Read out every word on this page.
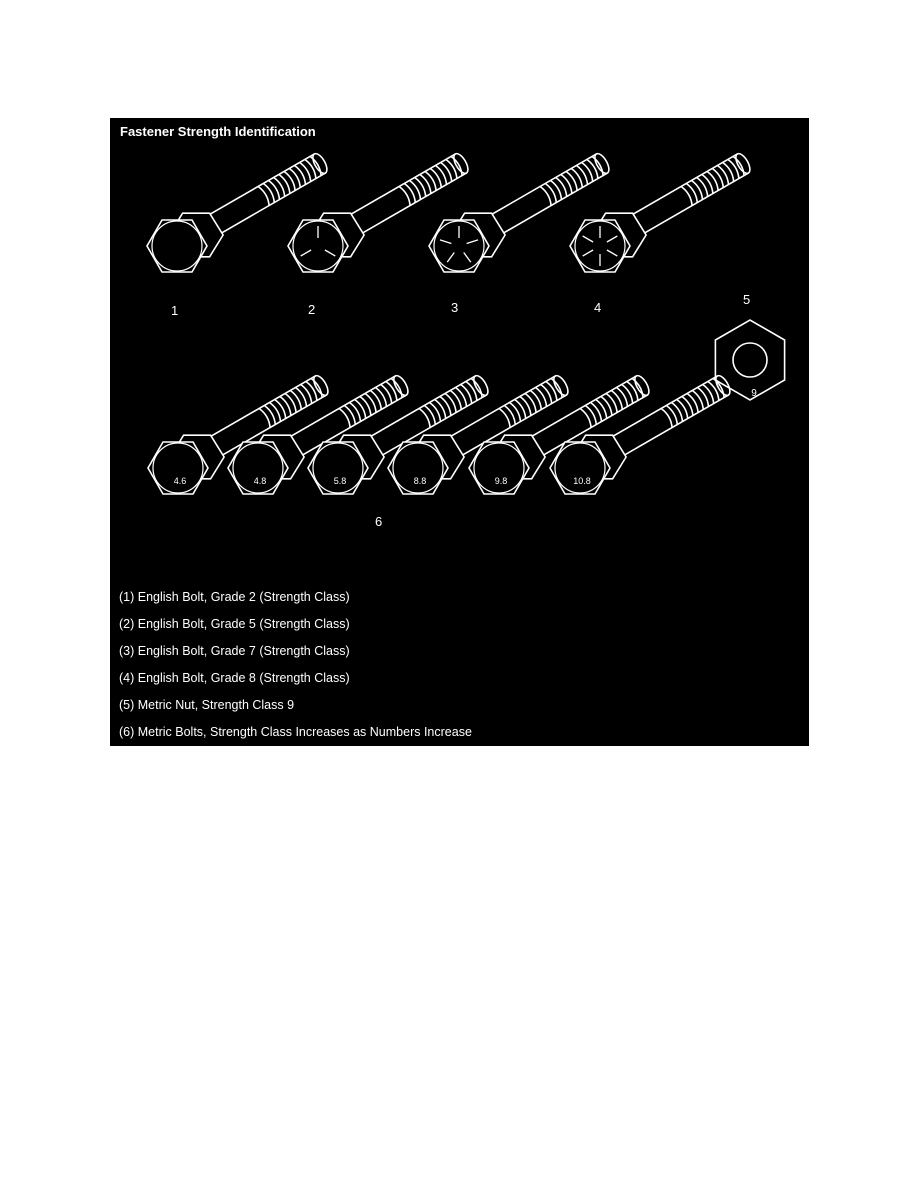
Fastener Strength Identification
4.6	4.8	5.8	8.8	9.8	10.8
9
1	2	3	4
5
6
(1) English Bolt, Grade 2 (Strength Class)
(2) English Bolt, Grade 5 (Strength Class)
(3) English Bolt, Grade 7 (Strength Class)
(4) English Bolt, Grade 8 (Strength Class)
(5) Metric Nut, Strength Class 9
(6) Metric Bolts, Strength Class Increases as Numbers Increase
